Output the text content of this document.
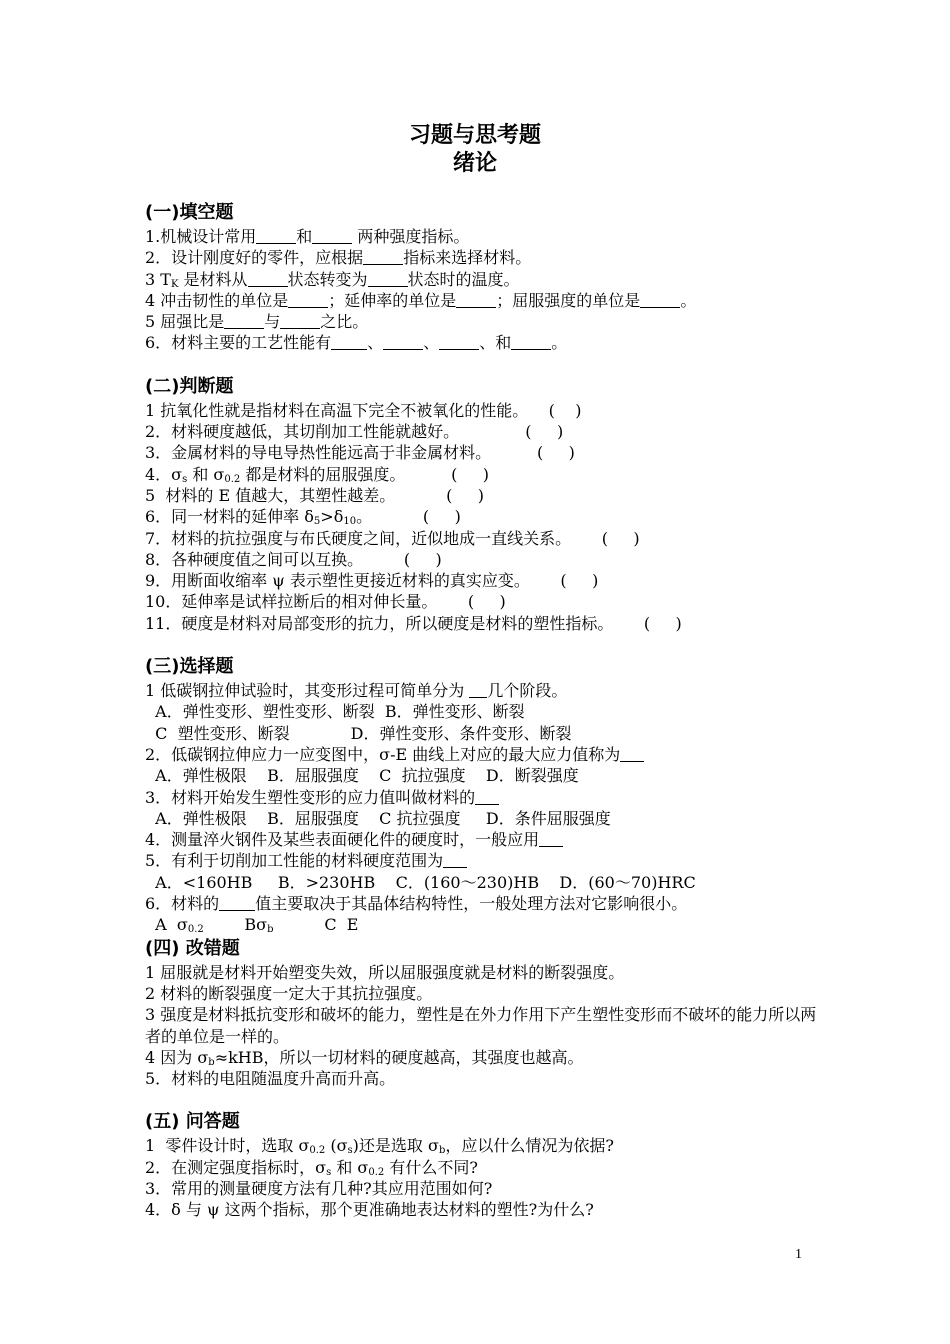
习题与思考题
绪论
(一)填空题
1.机械设计常用	和	两种强度指标。
2．设计刚度好的零件，应根据	指标来选择材料。
3 $T_K$ 是材料从	状态转变为	状态时的温度。
4 冲击韧性的单位是	；延伸率的单位是	；屈服强度的单位是	。
5 屈强比是	与	之比。
6．材料主要的工艺性能有 、	、	、和	。
(二)判断题
1 抗氧化性就是指材料在高温下完全不被氧化的性能。    (    )
2．材料硬度越低，其切削加工性能就越好。             (     )
3．金属材料的导电导热性能远高于非金属材料。         (     )
4．$\sigma_s$ 和 $\sigma_{0.2}$ 都是材料的屈服强度。         (     )
5  材料的 E 值越大，其塑性越差。          (     )
6．同一材料的延伸率 $\delta_5>\delta_{10}$。          (     )
7．材料的抗拉强度与布氏硬度之间，近似地成一直线关系。      (     )
8．各种硬度值之间可以互换。        (     )
9．用断面收缩率 ψ 表示塑性更接近材料的真实应变。      (     )
10．延伸率是试样拉断后的相对伸长量。      (     )
11．硬度是材料对局部变形的抗力，所以硬度是材料的塑性指标。      (     )
(三)选择题
1 低碳钢拉伸试验时，其变形过程可简单分为 几个阶段。
A．弹性变形、塑性变形、断裂  B．弹性变形、断裂
C  塑性变形、断裂            D．弹性变形、条件变形、断裂
2．低碳钢拉伸应力一应变图中，σ-E 曲线上对应的最大应力值称为
A．弹性极限    B．屈服强度    C  抗拉强度    D．断裂强度
3．材料开始发生塑性变形的应力值叫做材料的
A．弹性极限    B．屈服强度    C 抗拉强度     D．条件屈服强度
4．测量淬火钢件及某些表面硬化件的硬度时，一般应用
5．有利于切削加工性能的材料硬度范围为
A．<160HB     B．>230HB    C．(160～230)HB    D．(60～70)HRC
6．材料的 值主要取决于其晶体结构特性，一般处理方法对它影响很小。
A  $\sigma_{0.2}$        $B\sigma_b$          C  E
(四) 改错题
1 屈服就是材料开始塑变失效，所以屈服强度就是材料的断裂强度。
2 材料的断裂强度一定大于其抗拉强度。
3 强度是材料抵抗变形和破坏的能力，塑性是在外力作用下产生塑性变形而不破坏的能力所以两者的单位是一样的。
4 因为 $\sigma_b\approx kHB$，所以一切材料的硬度越高，其强度也越高。
5．材料的电阻随温度升高而升高。
(五) 问答题
1  零件设计时，选取 $\sigma_{0.2}$ $(\sigma_s)$还是选取 $\sigma_b$，应以什么情况为依据?
2．在测定强度指标时，$\sigma_s$ 和 $\sigma_{0.2}$ 有什么不同?
3．常用的测量硬度方法有几种?其应用范围如何?
4．δ 与 ψ 这两个指标，那个更准确地表达材料的塑性?为什么?
1
